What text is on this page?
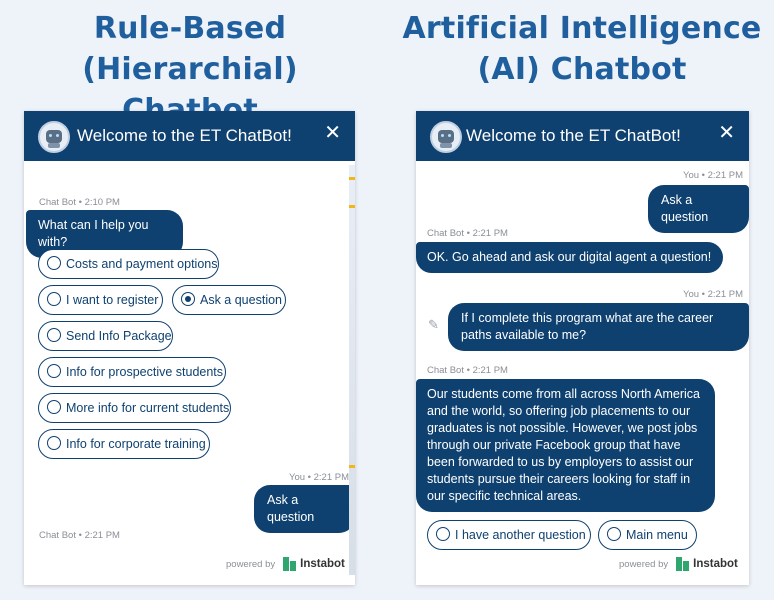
Rule-Based
(Hierarchial)
Artificial Intelligence
(AI) Chatbot
Welcome to the ET ChatBot! ✕
Chat Bot • 2:10 PM
What can I help you with?
Costs and payment options
I want to register	Ask a question
Send Info Package
Info for prospective students
More info for current students
Info for corporate training
You • 2:21 PM
Ask a question
Chat Bot • 2:21 PM
powered by Instabot
Welcome to the ET ChatBot! ✕
You • 2:21 PM
Ask a question
Chat Bot • 2:21 PM
OK. Go ahead and ask our digital agent a question!
You • 2:21 PM
✎	If I complete this program what are the career paths available to me?
Chat Bot • 2:21 PM
Our students come from all across North America and the world, so offering job placements to our graduates is not possible. However, we post jobs through our private Facebook group that have been forwarded to us by employers to assist our students pursue their careers looking for staff in our specific technical areas.
I have another question	Main menu
powered by Instabot
